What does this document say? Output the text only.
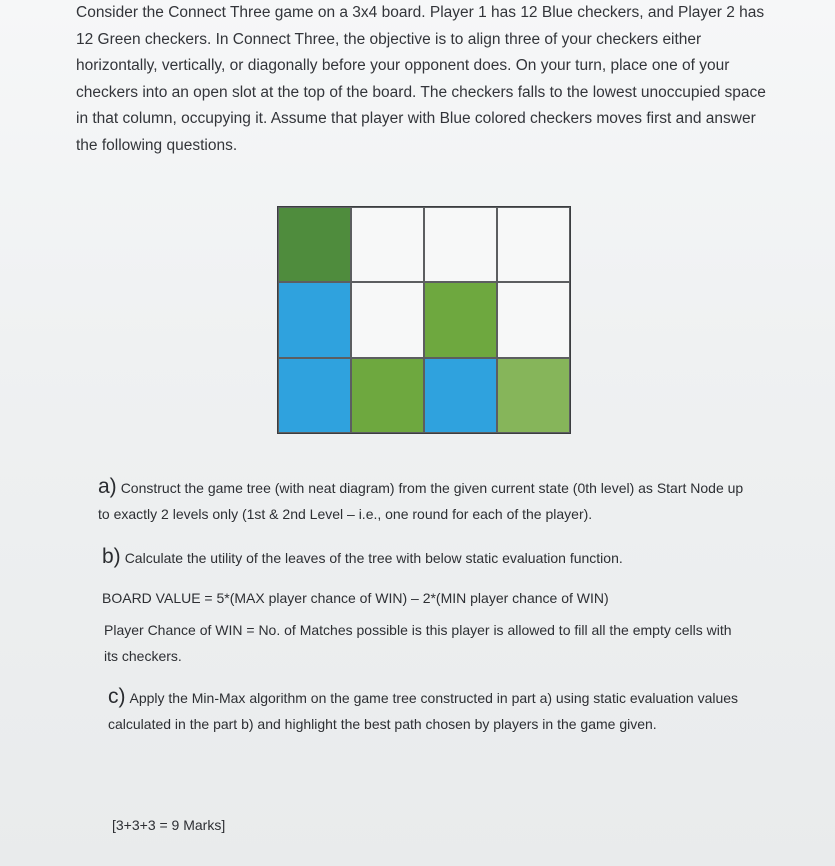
Consider the Connect Three game on a 3x4 board. Player 1 has 12 Blue checkers, and Player 2 has 12 Green checkers. In Connect Three, the objective is to align three of your checkers either horizontally, vertically, or diagonally before your opponent does. On your turn, place one of your checkers into an open slot at the top of the board. The checkers falls to the lowest unoccupied space in that column, occupying it. Assume that player with Blue colored checkers moves first and answer the following questions.

a) Construct the game tree (with neat diagram) from the given current state (0th level) as Start Node up to exactly 2 levels only (1st & 2nd Level – i.e., one round for each of the player).

b) Calculate the utility of the leaves of the tree with below static evaluation function.

BOARD VALUE = 5*(MAX player chance of WIN) – 2*(MIN player chance of WIN)

Player Chance of WIN = No. of Matches possible is this player is allowed to fill all the empty cells with its checkers.

c) Apply the Min-Max algorithm on the game tree constructed in part a) using static evaluation values calculated in the part b) and highlight the best path chosen by players in the game given.

[3+3+3 = 9 Marks]
